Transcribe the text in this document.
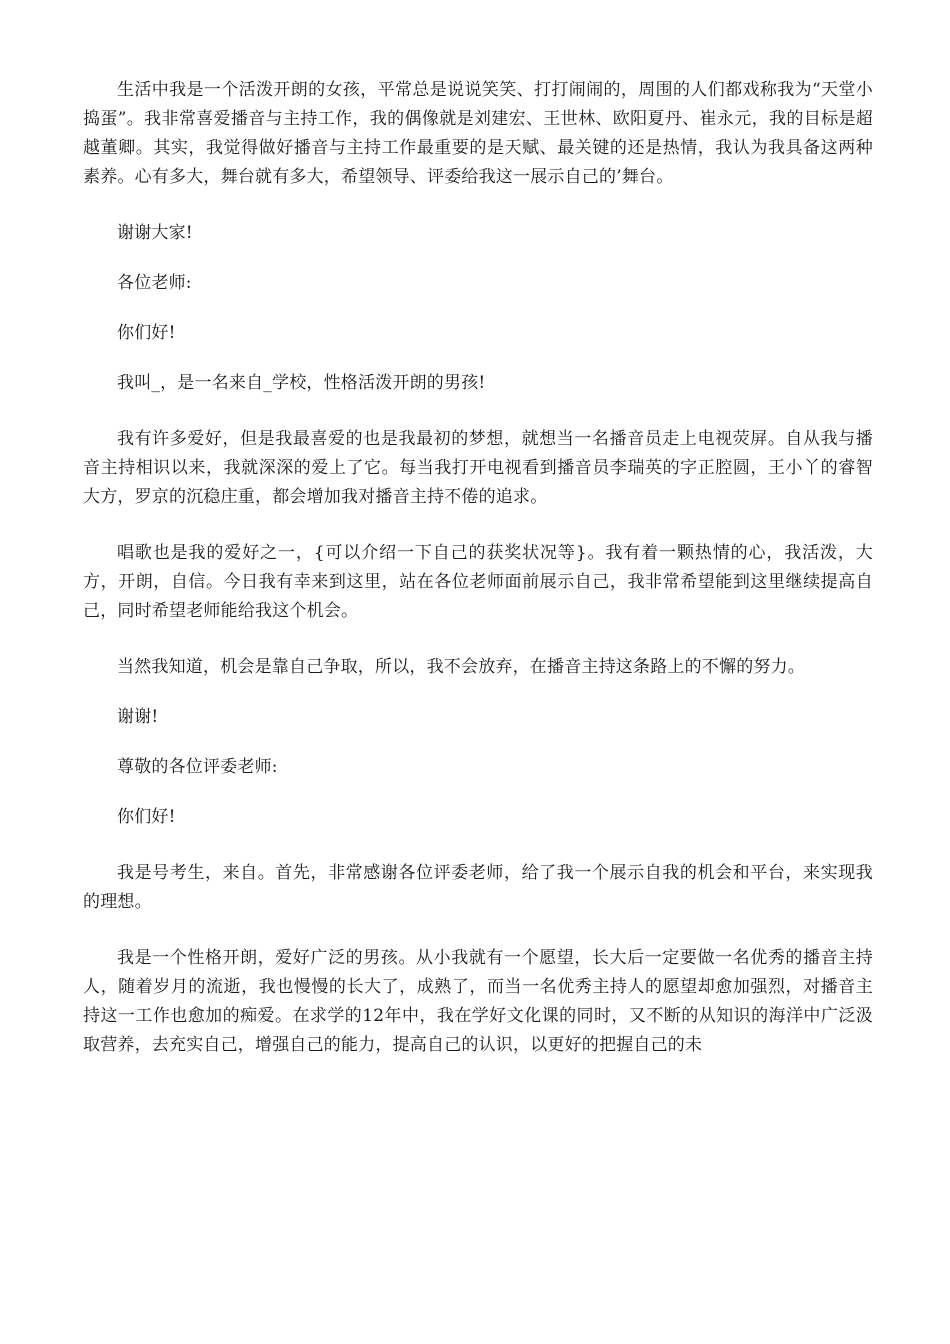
生活中我是一个活泼开朗的女孩，平常总是说说笑笑、打打闹闹的，周围的人们都戏称我为“天堂小捣蛋”。我非常喜爱播音与主持工作，我的偶像就是刘建宏、王世林、欧阳夏丹、崔永元，我的目标是超越董卿。其实，我觉得做好播音与主持工作最重要的是天赋、最关键的还是热情，我认为我具备这两种素养。心有多大，舞台就有多大，希望领导、评委给我这一展示自己的’舞台。

谢谢大家!

各位老师:

你们好!

我叫_，是一名来自_学校，性格活泼开朗的男孩!

我有许多爱好，但是我最喜爱的也是我最初的梦想，就想当一名播音员走上电视荧屏。自从我与播音主持相识以来，我就深深的爱上了它。每当我打开电视看到播音员李瑞英的字正腔圆，王小丫的睿智大方，罗京的沉稳庄重，都会增加我对播音主持不倦的追求。

唱歌也是我的爱好之一，{可以介绍一下自己的获奖状况等}。我有着一颗热情的心，我活泼，大方，开朗，自信。今日我有幸来到这里，站在各位老师面前展示自己，我非常希望能到这里继续提高自己，同时希望老师能给我这个机会。

当然我知道，机会是靠自己争取，所以，我不会放弃，在播音主持这条路上的不懈的努力。

谢谢!

尊敬的各位评委老师:

你们好!

我是号考生，来自。首先，非常感谢各位评委老师，给了我一个展示自我的机会和平台，来实现我的理想。

我是一个性格开朗，爱好广泛的男孩。从小我就有一个愿望，长大后一定要做一名优秀的播音主持人，随着岁月的流逝，我也慢慢的长大了，成熟了，而当一名优秀主持人的愿望却愈加强烈，对播音主持这一工作也愈加的痴爱。在求学的12年中，我在学好文化课的同时，又不断的从知识的海洋中广泛汲取营养，去充实自己，增强自己的能力，提高自己的认识，以更好的把握自己的未
